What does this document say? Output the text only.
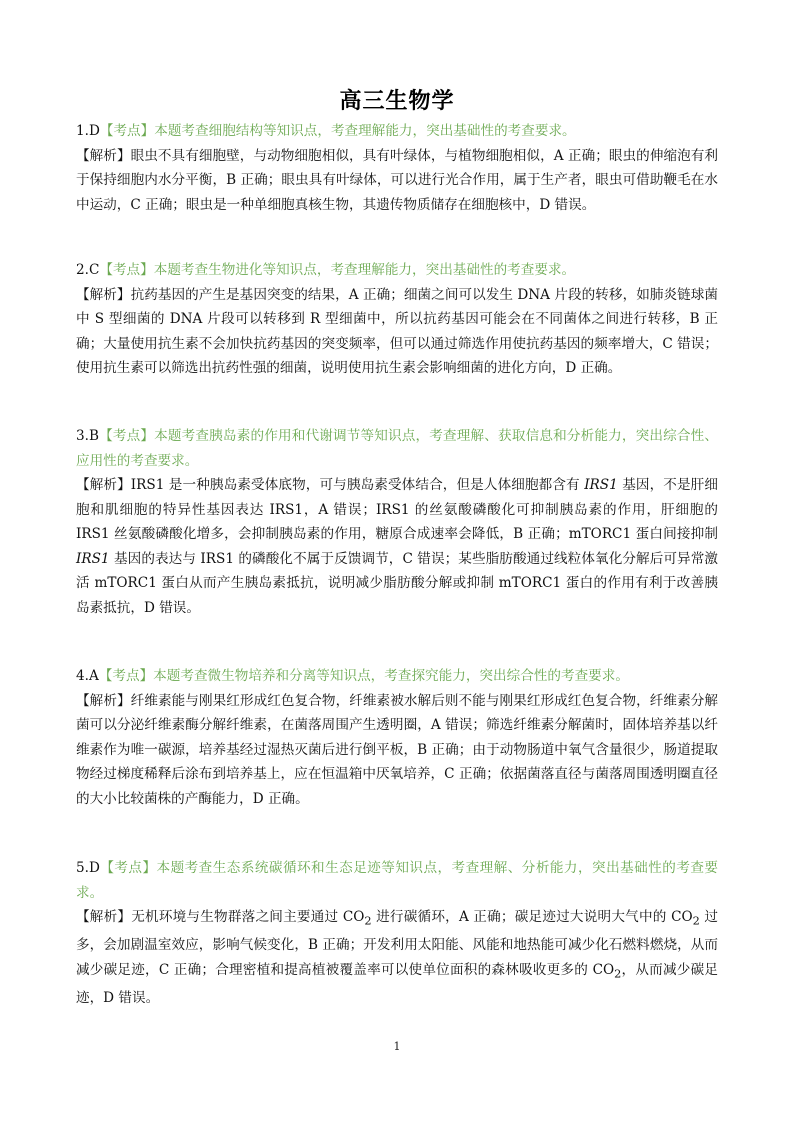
高三生物学

1.D【考点】本题考查细胞结构等知识点，考查理解能力，突出基础性的考查要求。

【解析】眼虫不具有细胞壁，与动物细胞相似，具有叶绿体，与植物细胞相似，A 正确；眼虫的伸缩泡有利于保持细胞内水分平衡，B 正确；眼虫具有叶绿体，可以进行光合作用，属于生产者，眼虫可借助鞭毛在水中运动，C 正确；眼虫是一种单细胞真核生物，其遗传物质储存在细胞核中，D 错误。

2.C【考点】本题考查生物进化等知识点，考查理解能力，突出基础性的考查要求。

【解析】抗药基因的产生是基因突变的结果，A 正确；细菌之间可以发生 DNA 片段的转移，如肺炎链球菌中 S 型细菌的 DNA 片段可以转移到 R 型细菌中，所以抗药基因可能会在不同菌体之间进行转移，B 正确；大量使用抗生素不会加快抗药基因的突变频率，但可以通过筛选作用使抗药基因的频率增大，C 错误；使用抗生素可以筛选出抗药性强的细菌，说明使用抗生素会影响细菌的进化方向，D 正确。

3.B【考点】本题考查胰岛素的作用和代谢调节等知识点，考查理解、获取信息和分析能力，突出综合性、应用性的考查要求。

【解析】IRS1 是一种胰岛素受体底物，可与胰岛素受体结合，但是人体细胞都含有 IRS1 基因，不是肝细胞和肌细胞的特异性基因表达 IRS1，A 错误；IRS1 的丝氨酸磷酸化可抑制胰岛素的作用，肝细胞的 IRS1 丝氨酸磷酸化增多，会抑制胰岛素的作用，糖原合成速率会降低，B 正确；mTORC1 蛋白间接抑制 IRS1 基因的表达与 IRS1 的磷酸化不属于反馈调节，C 错误；某些脂肪酸通过线粒体氧化分解后可异常激活 mTORC1 蛋白从而产生胰岛素抵抗，说明减少脂肪酸分解或抑制 mTORC1 蛋白的作用有利于改善胰岛素抵抗，D 错误。

4.A【考点】本题考查微生物培养和分离等知识点，考查探究能力，突出综合性的考查要求。

【解析】纤维素能与刚果红形成红色复合物，纤维素被水解后则不能与刚果红形成红色复合物，纤维素分解菌可以分泌纤维素酶分解纤维素，在菌落周围产生透明圈，A 错误；筛选纤维素分解菌时，固体培养基以纤维素作为唯一碳源，培养基经过湿热灭菌后进行倒平板，B 正确；由于动物肠道中氧气含量很少，肠道提取物经过梯度稀释后涂布到培养基上，应在恒温箱中厌氧培养，C 正确；依据菌落直径与菌落周围透明圈直径的大小比较菌株的产酶能力，D 正确。

5.D【考点】本题考查生态系统碳循环和生态足迹等知识点，考查理解、分析能力，突出基础性的考查要求。

【解析】无机环境与生物群落之间主要通过 $CO_2$ 进行碳循环，A 正确；碳足迹过大说明大气中的 $CO_2$ 过多，会加剧温室效应，影响气候变化，B 正确；开发利用太阳能、风能和地热能可减少化石燃料燃烧，从而减少碳足迹，C 正确；合理密植和提高植被覆盖率可以使单位面积的森林吸收更多的 $CO_2$，从而减少碳足迹，D 错误。

1
